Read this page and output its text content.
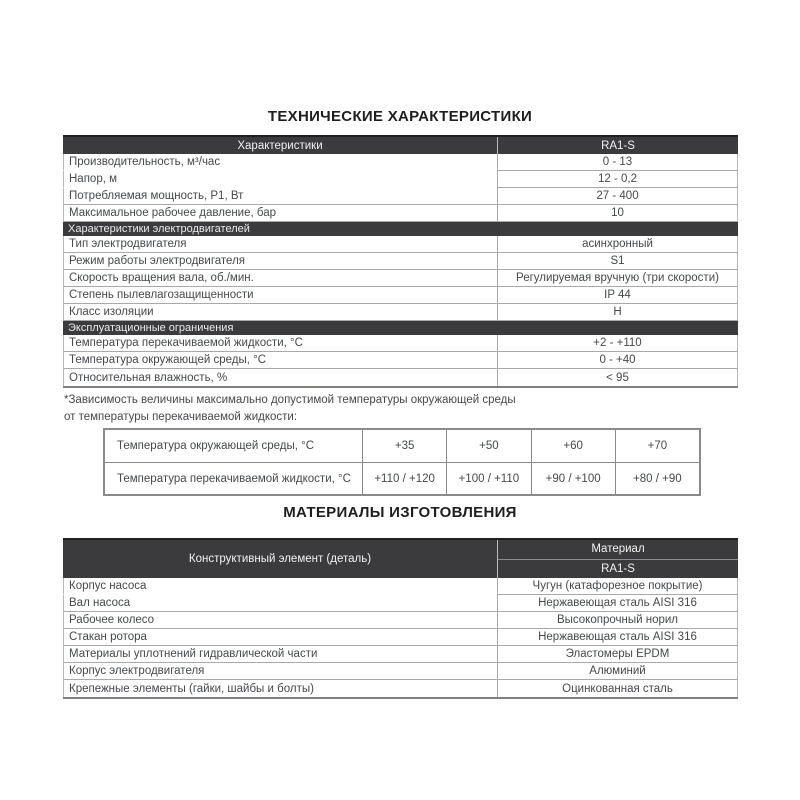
ТЕХНИЧЕСКИЕ ХАРАКТЕРИСТИКИ
Характеристики	RA1-S
Производительность, м³/час	0 - 13
Напор, м	12 - 0,2
Потребляемая мощность, P1, Вт	27 - 400
Максимальное рабочее давление, бар	10
Характеристики электродвигателей
Тип электродвигателя	асинхронный
Режим работы электродвигателя	S1
Скорость вращения вала, об./мин.	Регулируемая вручную (три скорости)
Степень пылевлагозащищенности	IP 44
Класс изоляции	H
Эксплуатационные ограничения
Температура перекачиваемой жидкости, °С	+2 - +110
Температура окружающей среды, °С	0 - +40
Относительная влажность, %	< 95
*Зависимость величины максимально допустимой температуры окружающей среды
от температуры перекачиваемой жидкости:
Температура окружающей среды, °С	+35	+50	+60	+70
Температура перекачиваемой жидкости, °С	+110 / +120	+100 / +110	+90 / +100	+80 / +90
МАТЕРИАЛЫ ИЗГОТОВЛЕНИЯ
Конструктивный элемент (деталь)
Материал
RA1-S
Корпус насоса	Чугун (катафорезное покрытие)
Вал насоса	Нержавеющая сталь AISI 316
Рабочее колесо	Высокопрочный норил
Стакан ротора	Нержавеющая сталь AISI 316
Материалы уплотнений гидравлической части	Эластомеры EPDM
Корпус электродвигателя	Алюминий
Крепежные элементы (гайки, шайбы и болты)	Оцинкованная сталь
